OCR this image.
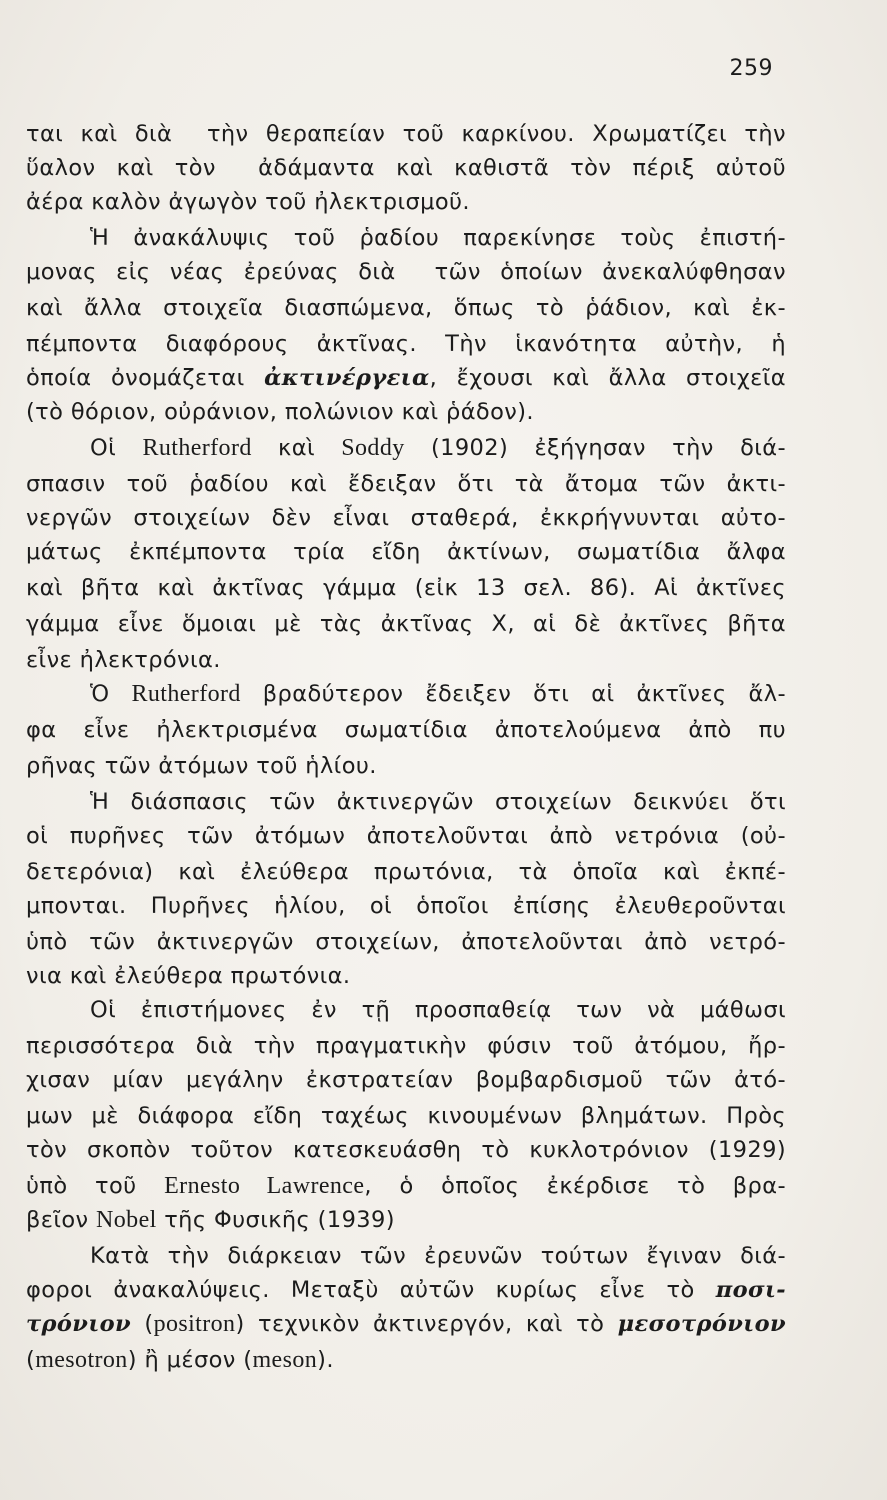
259
ται καὶ διὰ  τὴν θεραπείαν τοῦ καρκίνου. Χρωματίζει τὴν
ὕαλον καὶ τὸν  ἀδάμαντα καὶ καθιστᾶ τὸν πέριξ αὐτοῦ
ἀέρα καλὸν ἀγωγὸν τοῦ ἠλεκτρισμοῦ.
Ἡ ἀνακάλυψις τοῦ ῥαδίου παρεκίνησε τοὺς ἐπιστή-
μονας εἰς νέας ἐρεύνας διὰ  τῶν ὁποίων ἀνεκαλύφθησαν
καὶ ἄλλα στοιχεῖα διασπώμενα, ὅπως τὸ ῥάδιον, καὶ ἐκ-
πέμποντα διαφόρους ἀκτῖνας. Τὴν ἱκανότητα αὐτὴν, ἡ
ὁποία ὀνομάζεται ἀκτινέργεια, ἔχουσι καὶ ἄλλα στοιχεῖα
(τὸ θόριον, οὐράνιον, πολώνιον καὶ ῥάδον).
Οἱ Rutherford καὶ Soddy (1902) ἐξήγησαν τὴν διά-
σπασιν τοῦ ῥαδίου καὶ ἔδειξαν ὅτι τὰ ἄτομα τῶν ἀκτι-
νεργῶν στοιχείων δὲν εἶναι σταθερά, ἐκκρήγνυνται αὐτο-
μάτως ἐκπέμποντα τρία εἴδη ἀκτίνων, σωματίδια ἄλφα
καὶ βῆτα καὶ ἀκτῖνας γάμμα (εἰκ 13 σελ. 86). Αἱ ἀκτῖνες
γάμμα εἶνε ὅμοιαι μὲ τὰς ἀκτῖνας Χ, αἱ δὲ ἀκτῖνες βῆτα
εἶνε ἠλεκτρόνια.
Ὁ Rutherford βραδύτερον ἔδειξεν ὅτι αἱ ἀκτῖνες ἄλ-
φα εἶνε ἠλεκτρισμένα σωματίδια ἀποτελούμενα ἀπὸ πυ
ρῆνας τῶν ἀτόμων τοῦ ἡλίου.
Ἡ διάσπασις τῶν ἀκτινεργῶν στοιχείων δεικνύει ὅτι
οἱ πυρῆνες τῶν ἀτόμων ἀποτελοῦνται ἀπὸ νετρόνια (οὐ-
δετερόνια) καὶ ἐλεύθερα πρωτόνια, τὰ ὁποῖα καὶ ἐκπέ-
μπονται. Πυρῆνες ἡλίου, οἱ ὁποῖοι ἐπίσης ἐλευθεροῦνται
ὑπὸ τῶν ἀκτινεργῶν στοιχείων, ἀποτελοῦνται ἀπὸ νετρό-
νια καὶ ἐλεύθερα πρωτόνια.
Οἱ ἐπιστήμονες ἐν τῇ προσπαθείᾳ των νὰ μάθωσι
περισσότερα διὰ τὴν πραγματικὴν φύσιν τοῦ ἀτόμου, ἤρ-
χισαν μίαν μεγάλην ἐκστρατείαν βομβαρδισμοῦ τῶν ἀτό-
μων μὲ διάφορα εἴδη ταχέως κινουμένων βλημάτων. Πρὸς
τὸν σκοπὸν τοῦτον κατεσκευάσθη τὸ κυκλοτρόνιον (1929)
ὑπὸ τοῦ Ernesto Lawrence, ὁ ὁποῖος ἐκέρδισε τὸ βρα-
βεῖον Nobel τῆς Φυσικῆς (1939)
Κατὰ τὴν διάρκειαν τῶν ἐρευνῶν τούτων ἔγιναν διά-
φοροι ἀνακαλύψεις. Μεταξὺ αὐτῶν κυρίως εἶνε τὸ ποσι-
τρόνιον (positron) τεχνικὸν ἀκτινεργόν, καὶ τὸ μεσοτρόνιον
(mesotron) ἢ μέσον (meson).
